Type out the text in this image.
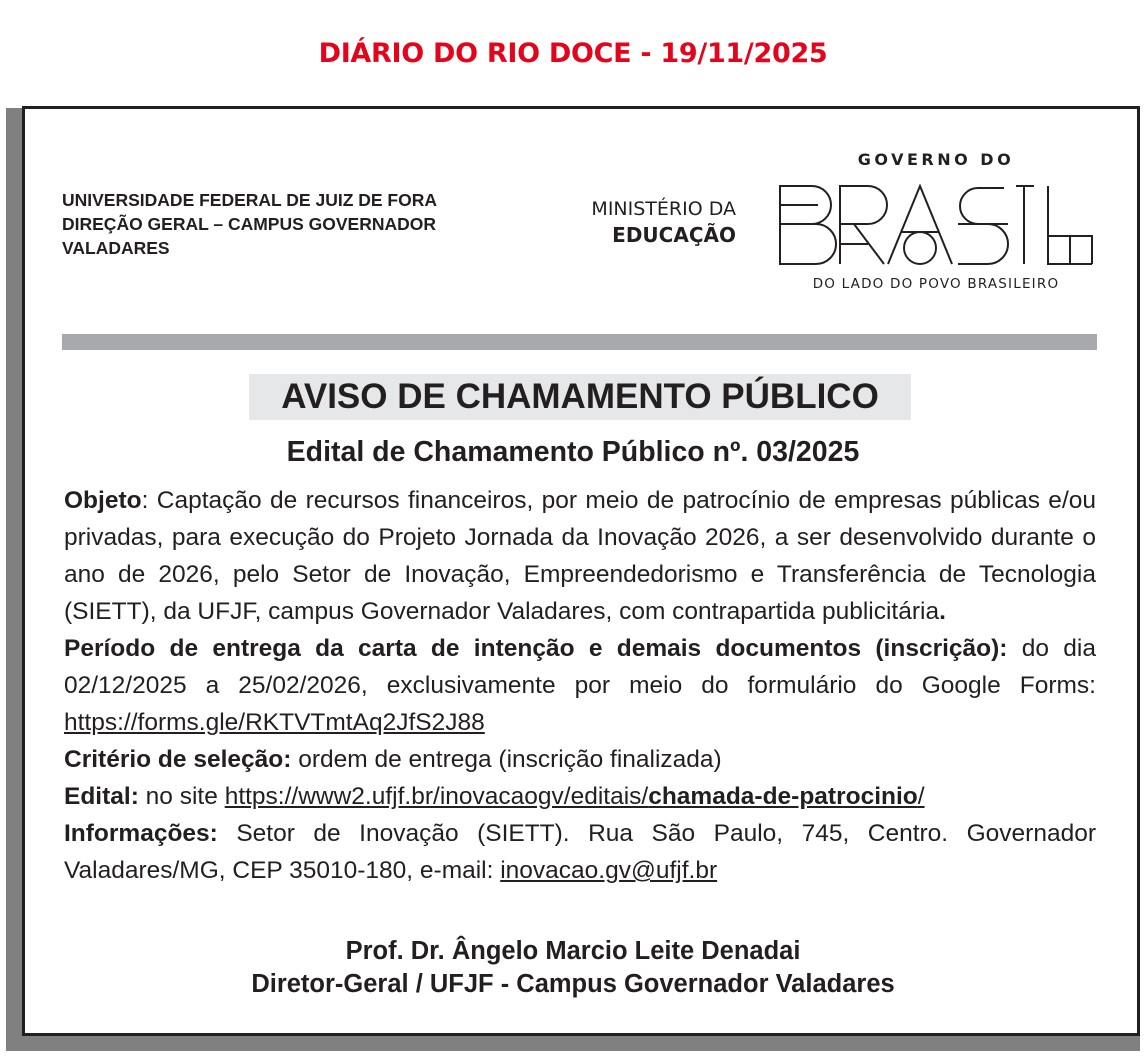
DIÁRIO DO RIO DOCE - 19/11/2025
UNIVERSIDADE FEDERAL DE JUIZ DE FORA
DIREÇÃO GERAL – CAMPUS GOVERNADOR
VALADARES
MINISTÉRIO DA
EDUCAÇÃO
GOVERNO DO
DO LADO DO POVO BRASILEIRO
AVISO DE CHAMAMENTO PÚBLICO
Edital de Chamamento Público nº. 03/2025

Objeto: Captação de recursos financeiros, por meio de patrocínio de empresas públicas e/ou privadas, para execução do Projeto Jornada da Inovação 2026, a ser desenvolvido durante o ano de 2026, pelo Setor de Inovação, Empreendedorismo e Transferência de Tecnologia (SIETT), da UFJF, campus Governador Valadares, com contrapartida publicitária.

Período de entrega da carta de intenção e demais documentos (inscrição): do dia 02/12/2025 a 25/02/2026, exclusivamente por meio do formulário do Google Forms: https://forms.gle/RKTVTmtAq2JfS2J88

Critério de seleção: ordem de entrega (inscrição finalizada)

Edital: no site https://www2.ufjf.br/inovacaogv/editais/chamada-de-patrocinio/

Informações: Setor de Inovação (SIETT). Rua São Paulo, 745, Centro. Governador Valadares/MG, CEP 35010-180, e-mail: inovacao.gv@ufjf.br

Prof. Dr. Ângelo Marcio Leite Denadai
Diretor-Geral / UFJF - Campus Governador Valadares
